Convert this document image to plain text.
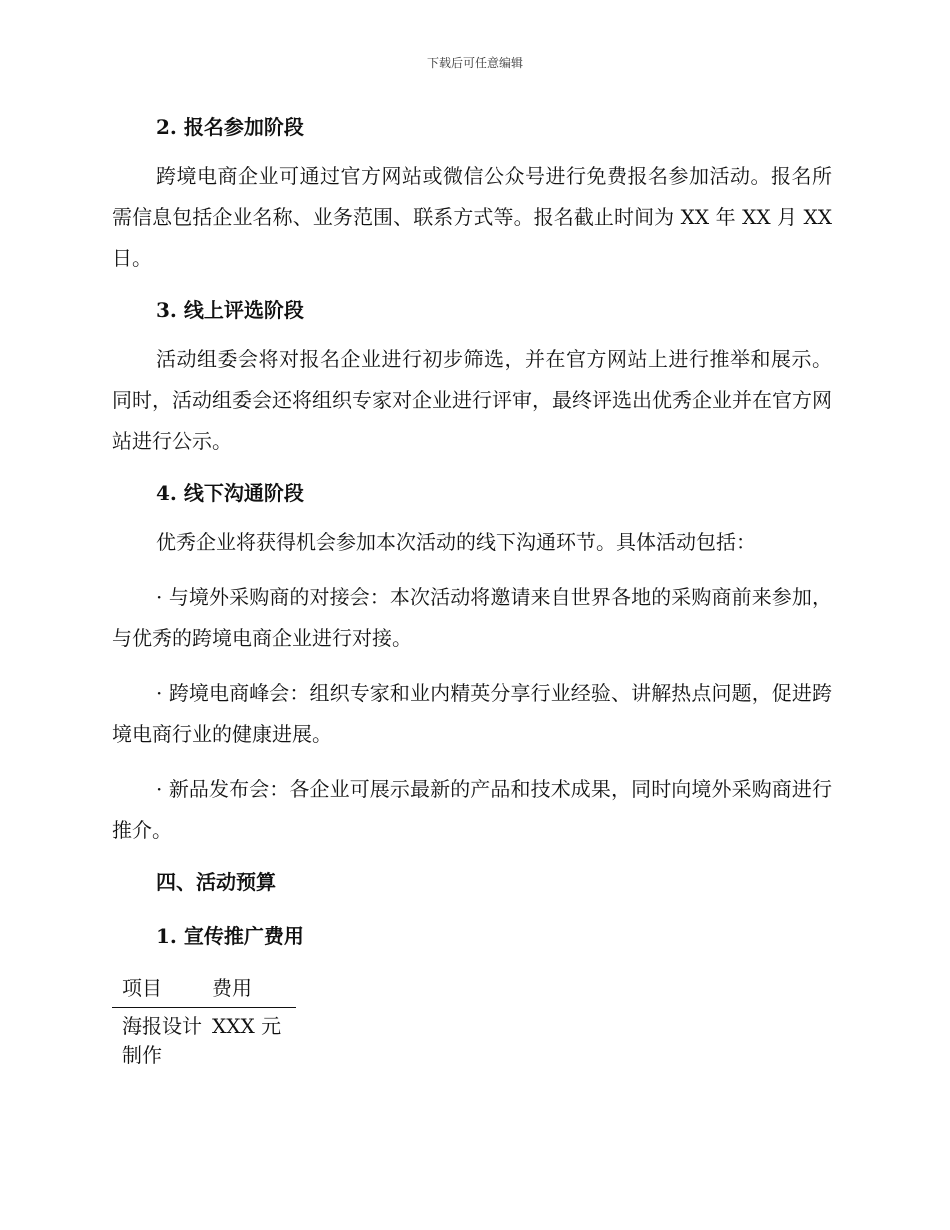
下载后可任意编辑

2. 报名参加阶段

跨境电商企业可通过官方网站或微信公众号进行免费报名参加活动。报名所需信息包括企业名称、业务范围、联系方式等。报名截止时间为 XX 年 XX 月 XX 日。

3. 线上评选阶段

活动组委会将对报名企业进行初步筛选，并在官方网站上进行推举和展示。同时，活动组委会还将组织专家对企业进行评审，最终评选出优秀企业并在官方网站进行公示。

4. 线下沟通阶段

优秀企业将获得机会参加本次活动的线下沟通环节。具体活动包括：

· 与境外采购商的对接会：本次活动将邀请来自世界各地的采购商前来参加，与优秀的跨境电商企业进行对接。

· 跨境电商峰会：组织专家和业内精英分享行业经验、讲解热点问题，促进跨境电商行业的健康进展。

· 新品发布会：各企业可展示最新的产品和技术成果，同时向境外采购商进行推介。

四、活动预算

1. 宣传推广费用

项目	费用
海报设计制作	XXX 元
